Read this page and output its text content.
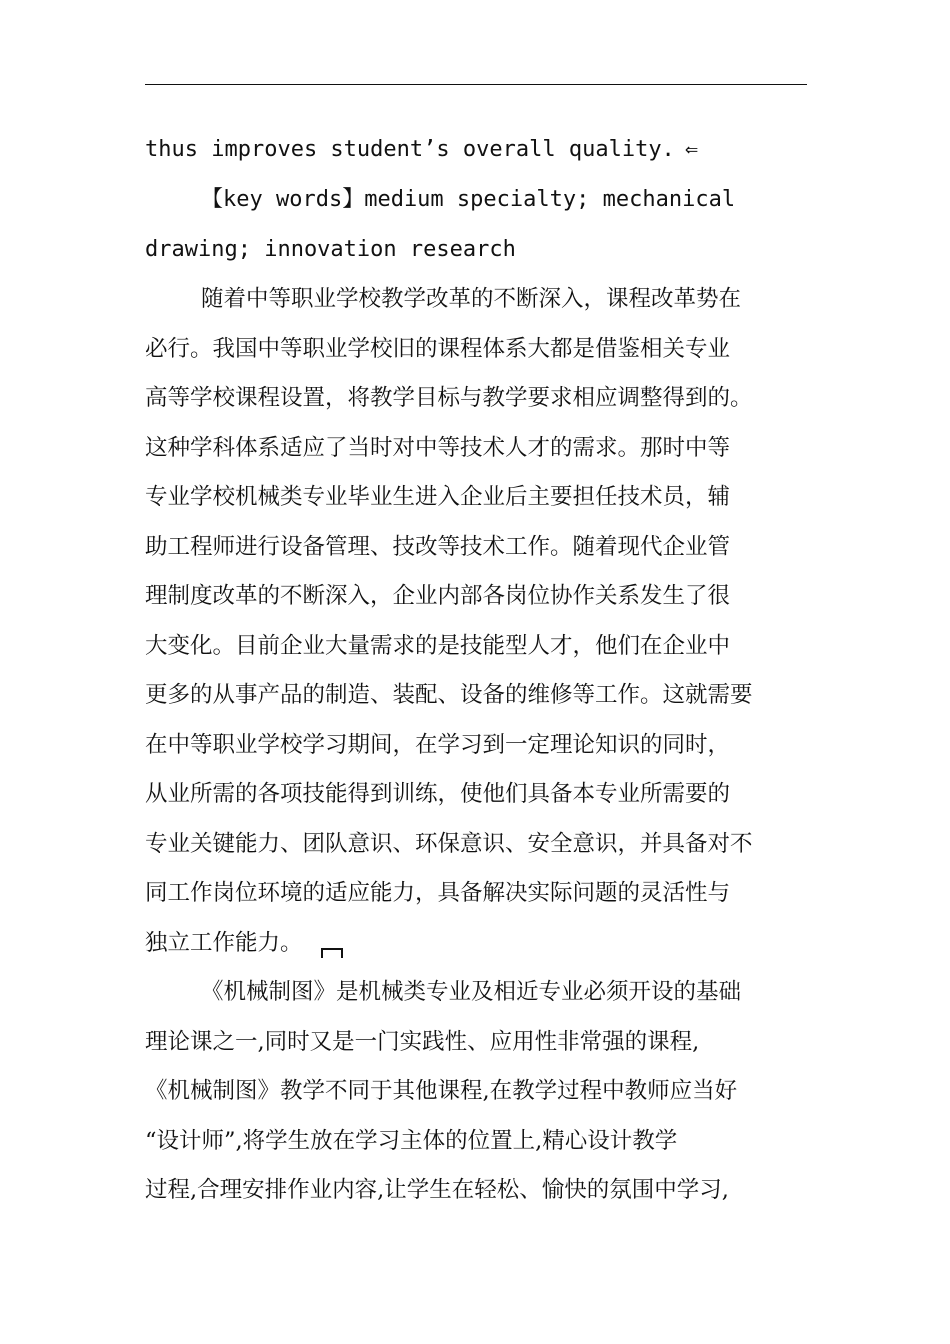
thus improves student’s overall quality. ⇐

【key words】medium specialty; mechanical

drawing; innovation research

随着中等职业学校教学改革的不断深入，课程改革势在
必行。我国中等职业学校旧的课程体系大都是借鉴相关专业
高等学校课程设置，将教学目标与教学要求相应调整得到的。
这种学科体系适应了当时对中等技术人才的需求。那时中等
专业学校机械类专业毕业生进入企业后主要担任技术员，辅
助工程师进行设备管理、技改等技术工作。随着现代企业管
理制度改革的不断深入，企业内部各岗位协作关系发生了很
大变化。目前企业大量需求的是技能型人才，他们在企业中
更多的从事产品的制造、装配、设备的维修等工作。这就需要
在中等职业学校学习期间，在学习到一定理论知识的同时，
从业所需的各项技能得到训练，使他们具备本专业所需要的
专业关键能力、团队意识、环保意识、安全意识，并具备对不
同工作岗位环境的适应能力，具备解决实际问题的灵活性与
独立工作能力。
《机械制图》是机械类专业及相近专业必须开设的基础
理论课之一,同时又是一门实践性、应用性非常强的课程,
《机械制图》教学不同于其他课程,在教学过程中教师应当好
“设计师”,将学生放在学习主体的位置上,精心设计教学
过程,合理安排作业内容,让学生在轻松、愉快的氛围中学习,
